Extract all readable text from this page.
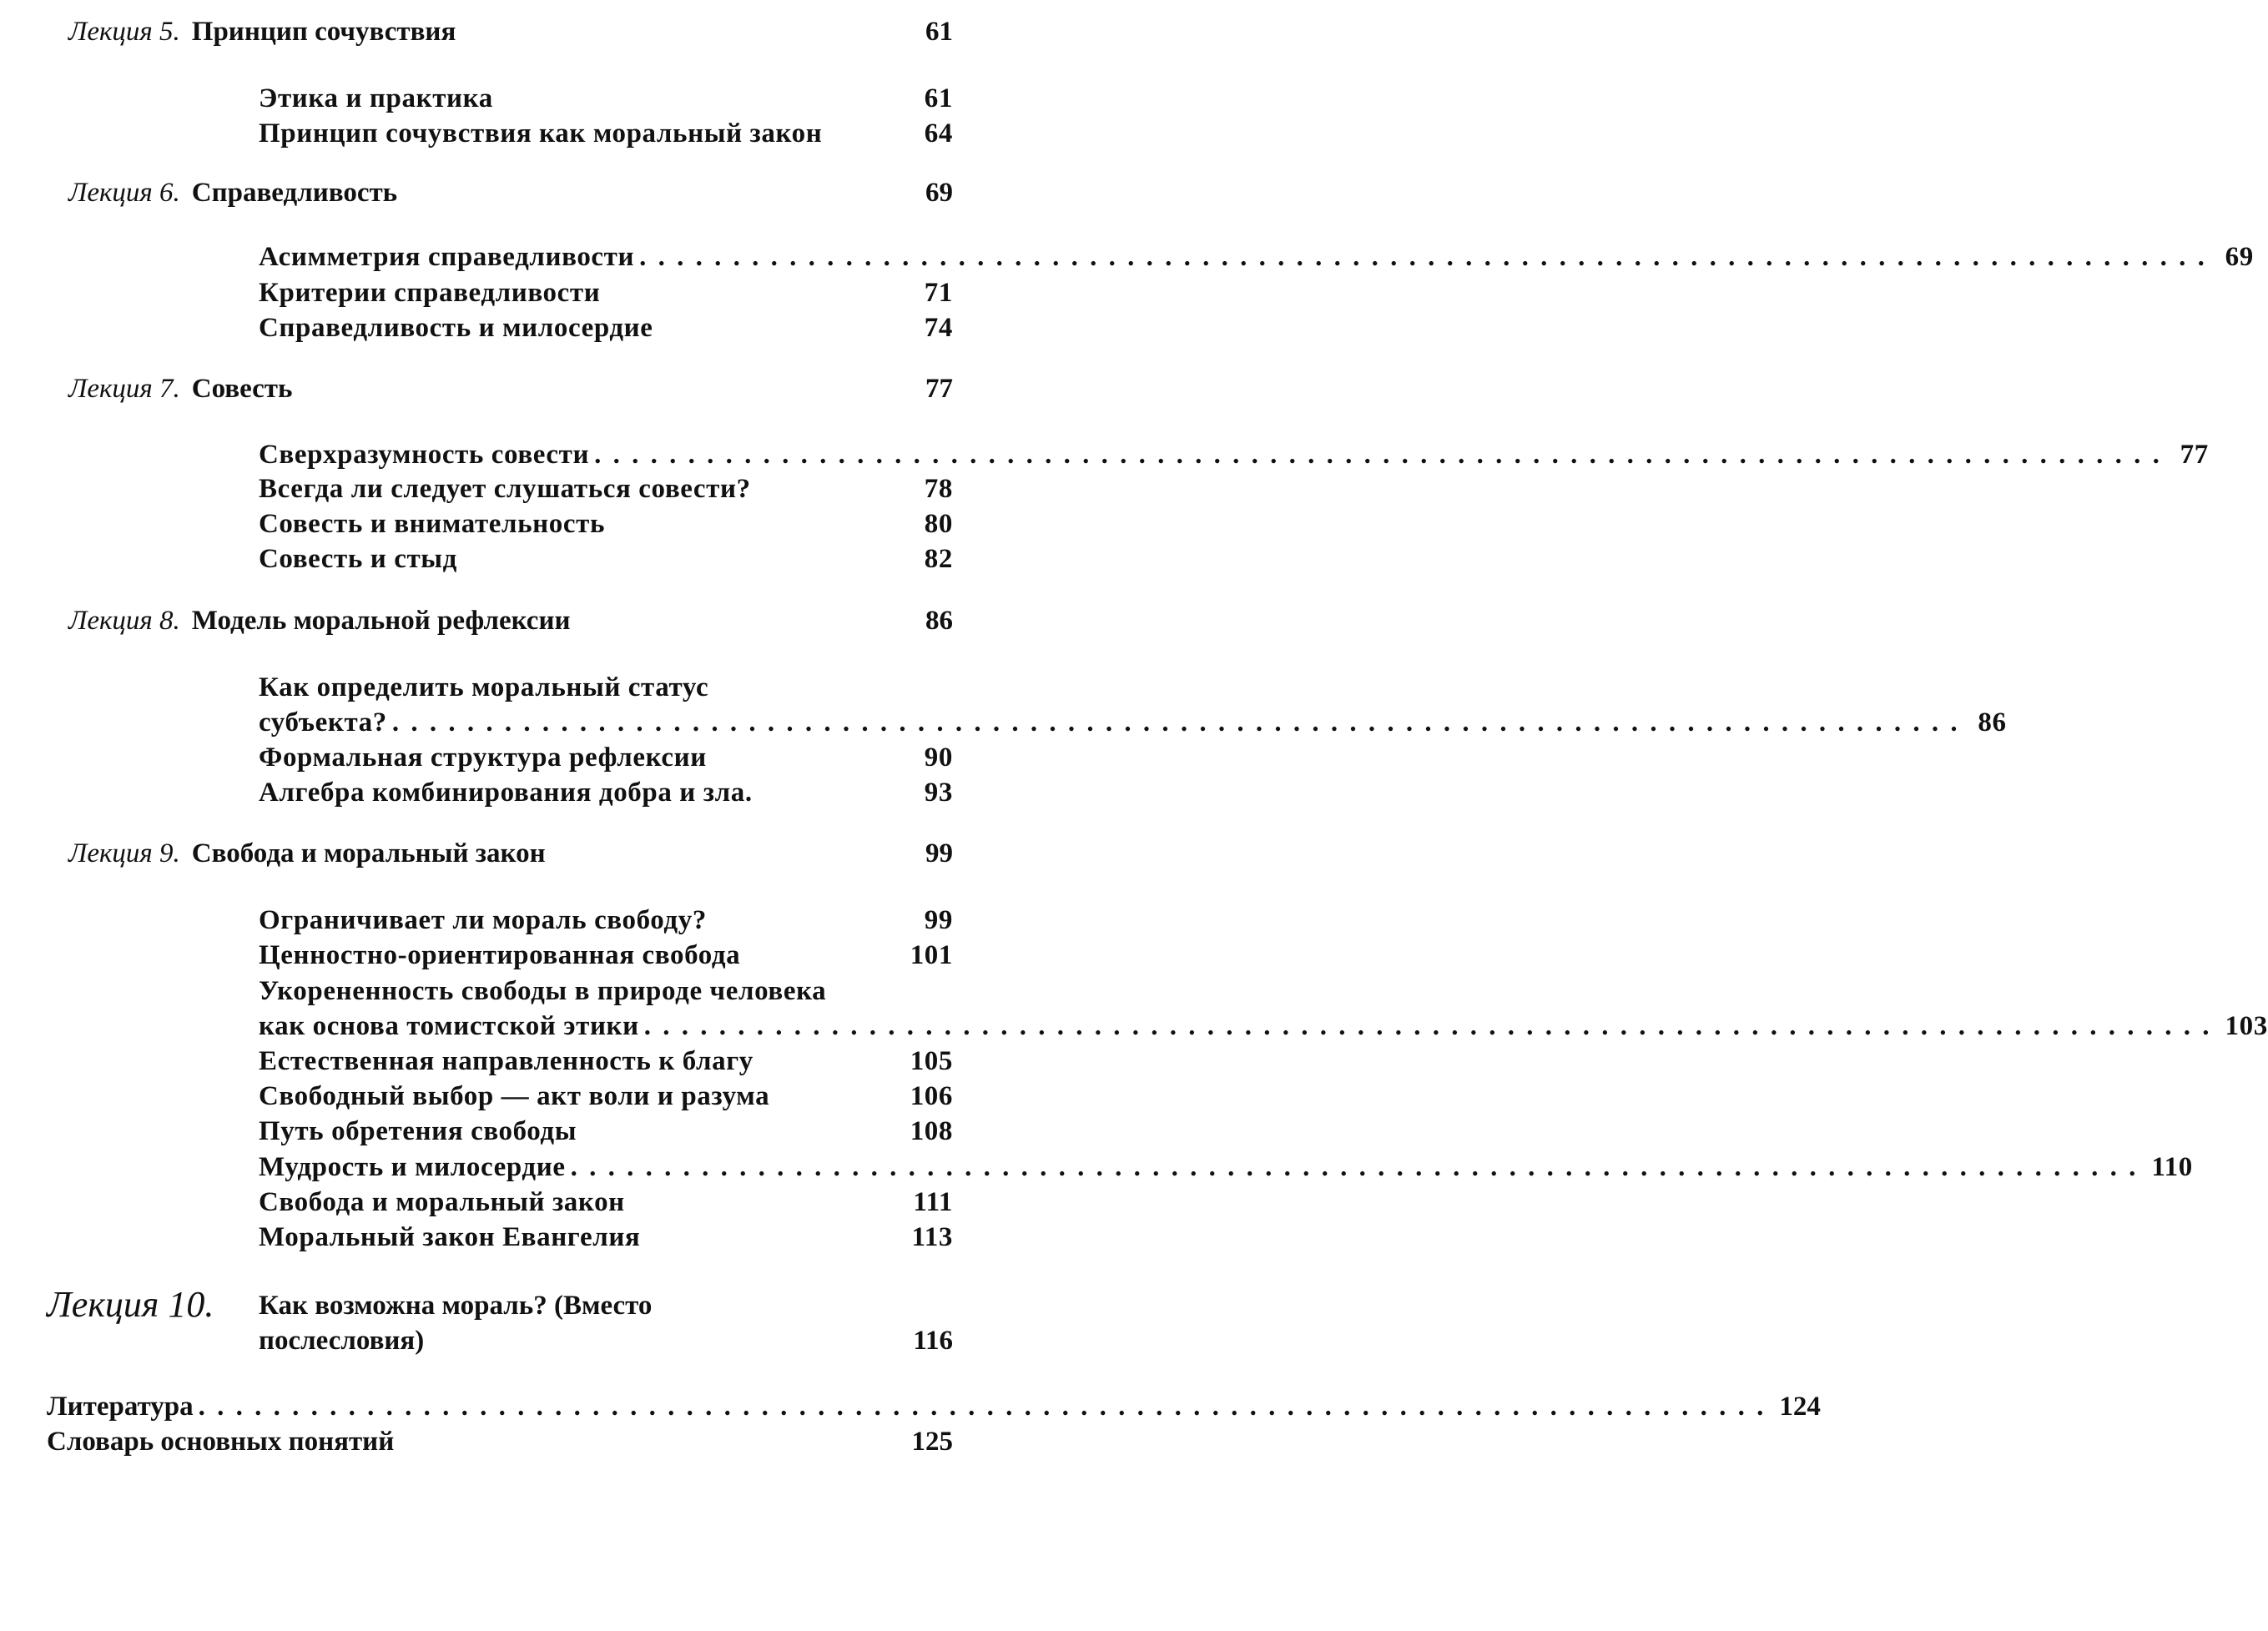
Лекция 5. Принцип сочувствия	61
Этика и практика	61
Принцип сочувствия как моральный закон	64
Лекция 6. Справедливость	69
Асимметрия справедливости . . .	69
Критерии справедливости	71
Справедливость и милосердие	74
Лекция 7. Совесть	77
Сверхразумность совести . . .	77
Всегда ли следует слушаться совести?	78
Совесть и внимательность	80
Совесть и стыд	82
Лекция 8. Модель моральной рефлексии	86
Как определить моральный статус
субъекта? . . .	86
Формальная структура рефлексии	90
Алгебра комбинирования добра и зла.	93
Лекция 9. Свобода и моральный закон	99
Ограничивает ли мораль свободу?	99
Ценностно-ориентированная свобода	101
Укорененность свободы в природе человека
как основа томистской этики . . .	103
Естественная направленность к благу	105
Свободный выбор — акт воли и разума	106
Путь обретения свободы	108
Мудрость и милосердие . . .	110
Свобода и моральный закон	111
Моральный закон Евангелия	113
Лекция 10. Как возможна мораль? (Вместо
послесловия)	116
Литература . . .	124
Словарь основных понятий	125
